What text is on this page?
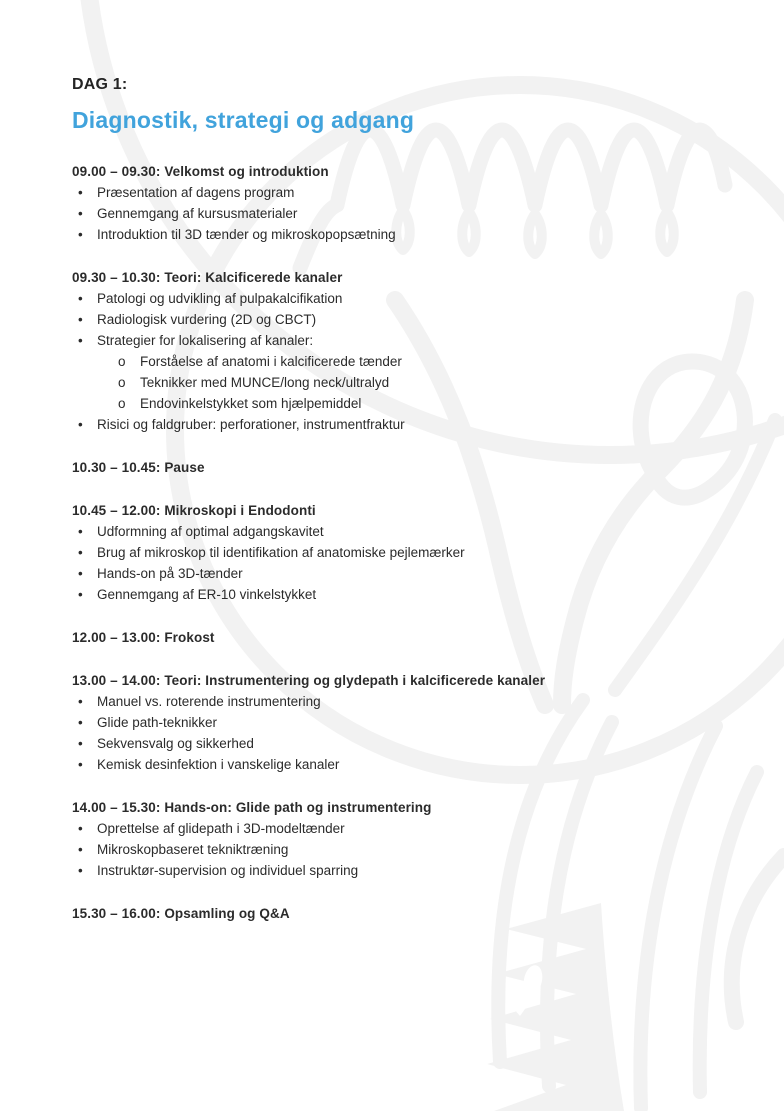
DAG 1:
Diagnostik, strategi og adgang
09.00 – 09.30: Velkomst og introduktion
•	Præsentation af dagens program
•	Gennemgang af kursusmaterialer
•	Introduktion til 3D tænder og mikroskopopsætning
09.30 – 10.30: Teori: Kalcificerede kanaler
•	Patologi og udvikling af pulpakalcifikation
•	Radiologisk vurdering (2D og CBCT)
•	Strategier for lokalisering af kanaler:
o	Forståelse af anatomi i kalcificerede tænder
o	Teknikker med MUNCE/long neck/ultralyd
o	Endovinkelstykket som hjælpemiddel
•	Risici og faldgruber: perforationer, instrumentfraktur
10.30 – 10.45: Pause
10.45 – 12.00: Mikroskopi i Endodonti
•	Udformning af optimal adgangskavitet
•	Brug af mikroskop til identifikation af anatomiske pejlemærker
•	Hands-on på 3D-tænder
•	Gennemgang af ER-10 vinkelstykket
12.00 – 13.00: Frokost
13.00 – 14.00: Teori: Instrumentering og glydepath i kalcificerede kanaler
•	Manuel vs. roterende instrumentering
•	Glide path-teknikker
•	Sekvensvalg og sikkerhed
•	Kemisk desinfektion i vanskelige kanaler
14.00 – 15.30: Hands-on: Glide path og instrumentering
•	Oprettelse af glidepath i 3D-modeltænder
•	Mikroskopbaseret tekniktræning
•	Instruktør-supervision og individuel sparring
15.30 – 16.00: Opsamling og Q&A
